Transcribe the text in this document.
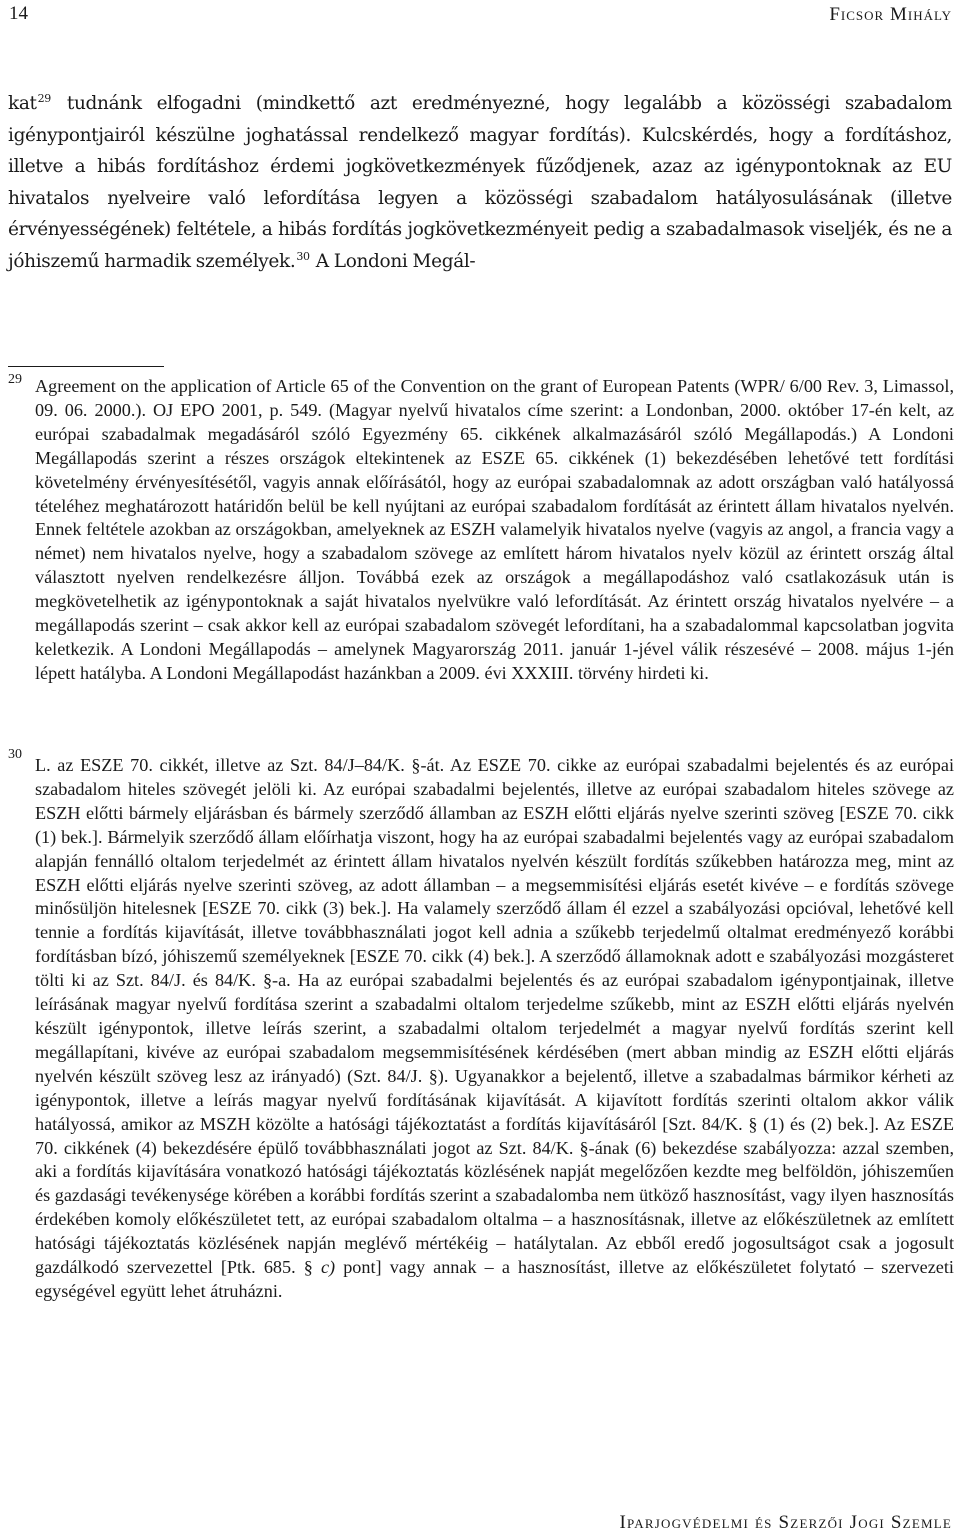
14	Ficsor Mihály

kat$^{29}$ tudnánk elfogadni (mindkettő azt eredményezné, hogy legalább a közösségi szabadalom igénypontjairól készülne joghatással rendelkező magyar fordítás). Kulcskérdés, hogy a fordításhoz, illetve a hibás fordításhoz érdemi jogkövetkezmények fűződjenek, azaz az igénypontoknak az EU hivatalos nyelveire való lefordítása legyen a közösségi szabadalom hatályosulásának (illetve érvényességének) feltétele, a hibás fordítás jogkövetkezményeit pedig a szabadalmasok viseljék, és ne a jóhiszemű harmadik személyek.$^{30}$ A Londoni Megál-

29 Agreement on the application of Article 65 of the Convention on the grant of European Patents (WPR/ 6/00 Rev. 3, Limassol, 09. 06. 2000.). OJ EPO 2001, p. 549. (Magyar nyelvű hivatalos címe szerint: a Londonban, 2000. október 17-én kelt, az európai szabadalmak megadásáról szóló Egyezmény 65. cikkének alkalmazásáról szóló Megállapodás.) A Londoni Megállapodás szerint a részes országok eltekintenek az ESZE 65. cikkének (1) bekezdésében lehetővé tett fordítási követelmény érvényesítésétől, vagyis annak előírásától, hogy az európai szabadalomnak az adott országban való hatályossá tételéhez meghatározott határidőn belül be kell nyújtani az európai szabadalom fordítását az érintett állam hivatalos nyelvén. Ennek feltétele azokban az országokban, amelyeknek az ESZH valamelyik hivatalos nyelve (vagyis az angol, a francia vagy a német) nem hivatalos nyelve, hogy a szabadalom szövege az említett három hivatalos nyelv közül az érintett ország által választott nyelven rendelkezésre álljon. Továbbá ezek az országok a megállapodáshoz való csatlakozásuk után is megkövetelhetik az igénypontoknak a saját hivatalos nyelvükre való lefordítását. Az érintett ország hivatalos nyelvére – a megállapodás szerint – csak akkor kell az európai szabadalom szövegét lefordítani, ha a szabadalommal kapcsolatban jogvita keletkezik. A Londoni Megállapodás – amelynek Magyarország 2011. január 1-jével válik részesévé – 2008. május 1-jén lépett hatályba. A Londoni Megállapodást hazánkban a 2009. évi XXXIII. törvény hirdeti ki.

30

L. az ESZE 70. cikkét, illetve az Szt. 84/J–84/K. §-át. Az ESZE 70. cikke az európai szabadalmi bejelentés és az európai szabadalom hiteles szövegét jelöli ki. Az európai szabadalmi bejelentés, illetve az európai szabadalom hiteles szövege az ESZH előtti bármely eljárásban és bármely szerződő államban az ESZH előtti eljárás nyelve szerinti szöveg [ESZE 70. cikk (1) bek.]. Bármelyik szerződő állam előírhatja viszont, hogy ha az európai szabadalmi bejelentés vagy az európai szabadalom alapján fennálló oltalom terjedelmét az érintett állam hivatalos nyelvén készült fordítás szűkebben határozza meg, mint az ESZH előtti eljárás nyelve szerinti szöveg, az adott államban – a megsemmisítési eljárás esetét kivéve – e fordítás szövege minősüljön hitelesnek [ESZE 70. cikk (3) bek.]. Ha valamely szerződő állam él ezzel a szabályozási opcióval, lehetővé kell tennie a fordítás kijavítását, illetve továbbhasználati jogot kell adnia a szűkebb terjedelmű oltalmat eredményező korábbi fordításban bízó, jóhiszemű személyeknek [ESZE 70. cikk (4) bek.]. A szerződő államoknak adott e szabályozási mozgásteret tölti ki az Szt. 84/J. és 84/K. §-a. Ha az európai szabadalmi bejelentés és az európai szabadalom igénypontjainak, illetve leírásának magyar nyelvű fordítása szerint a szabadalmi oltalom terjedelme szűkebb, mint az ESZH előtti eljárás nyelvén készült igénypontok, illetve leírás szerint, a szabadalmi oltalom terjedelmét a magyar nyelvű fordítás szerint kell megállapítani, kivéve az európai szabadalom megsemmisítésének kérdésében (mert abban mindig az ESZH előtti eljárás nyelvén készült szöveg lesz az irányadó) (Szt. 84/J. §). Ugyanakkor a bejelentő, illetve a szabadalmas bármikor kérheti az igénypontok, illetve a leírás magyar nyelvű fordításának kijavítását. A kijavított fordítás szerinti oltalom akkor válik hatályossá, amikor az MSZH közölte a hatósági tájékoztatást a fordítás kijavításáról [Szt. 84/K. § (1) és (2) bek.]. Az ESZE 70. cikkének (4) bekezdésére épülő továbbhasználati jogot az Szt. 84/K. §-ának (6) bekezdése szabályozza: azzal szemben, aki a fordítás kijavítására vonatkozó hatósági tájékoztatás közlésének napját megelőzően kezdte meg belföldön, jóhiszeműen és gazdasági tevékenysége körében a korábbi fordítás szerint a szabadalomba nem ütköző hasznosítást, vagy ilyen hasznosítás érdekében komoly előkészületet tett, az európai szabadalom oltalma – a hasznosításnak, illetve az előkészületnek az említett hatósági tájékoztatás közlésének napján meglévő mértékéig – hatálytalan. Az ebből eredő jogosultságot csak a jogosult gazdálkodó szervezettel [Ptk. 685. § c) pont] vagy annak – a hasznosítást, illetve az előkészületet folytató – szervezeti egységével együtt lehet átruházni.

Iparjogvédelmi és Szerzői Jogi Szemle
